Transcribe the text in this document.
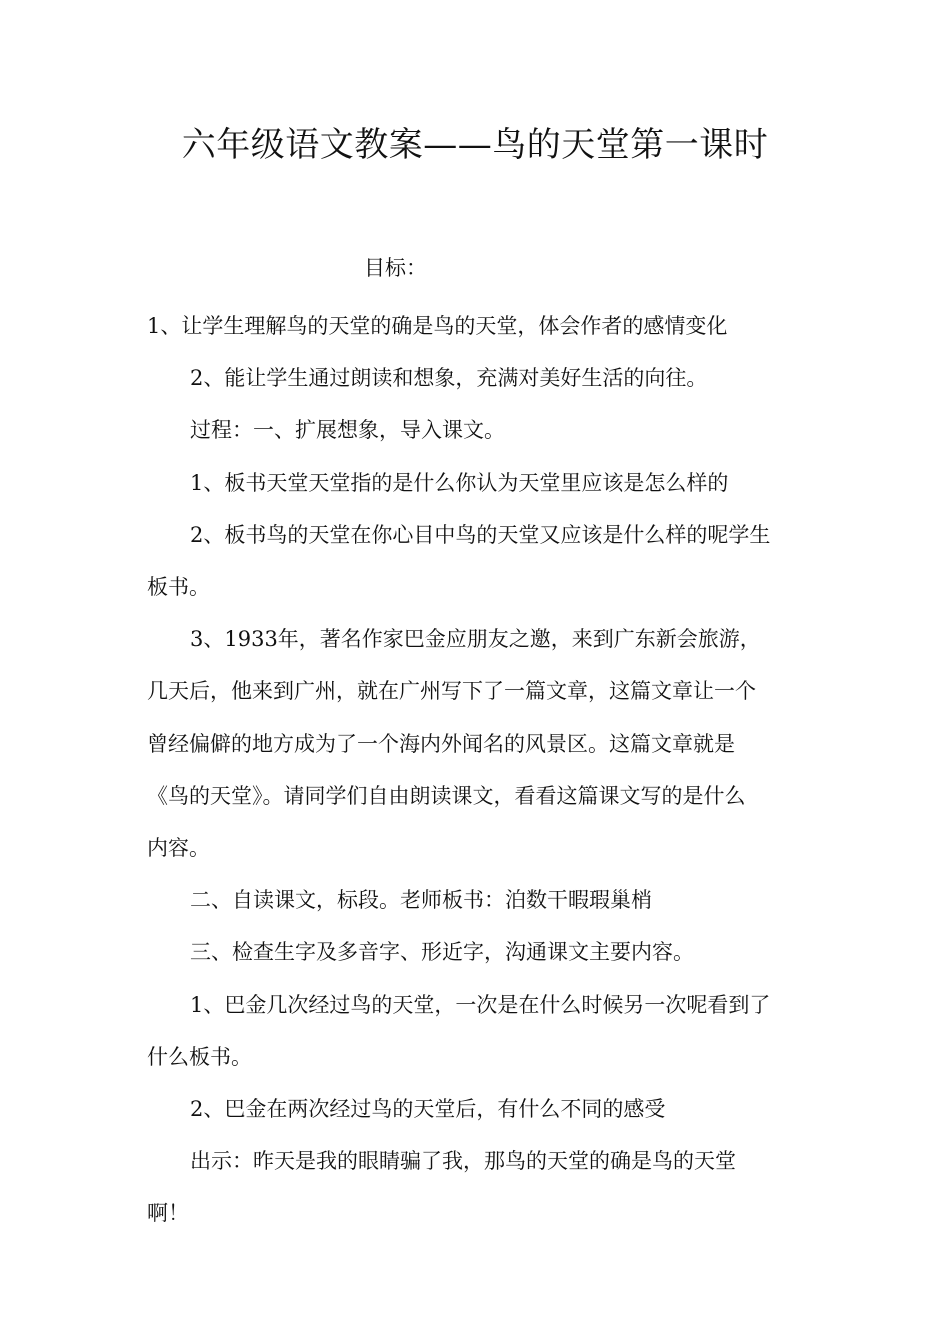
六年级语文教案——鸟的天堂第一课时
目标：

1、让学生理解鸟的天堂的确是鸟的天堂，体会作者的感情变化

2、能让学生通过朗读和想象，充满对美好生活的向往。

过程：一、扩展想象，导入课文。

1、板书天堂天堂指的是什么你认为天堂里应该是怎么样的

2、板书鸟的天堂在你心目中鸟的天堂又应该是什么样的呢学生

板书。

3、1933年，著名作家巴金应朋友之邀，来到广东新会旅游，

几天后，他来到广州，就在广州写下了一篇文章，这篇文章让一个

曾经偏僻的地方成为了一个海内外闻名的风景区。这篇文章就是

《鸟的天堂》。请同学们自由朗读课文，看看这篇课文写的是什么

内容。

二、自读课文，标段。老师板书：泊数干暇瑕巢梢

三、检查生字及多音字、形近字，沟通课文主要内容。

1、巴金几次经过鸟的天堂，一次是在什么时候另一次呢看到了

什么板书。

2、巴金在两次经过鸟的天堂后，有什么不同的感受

出示：昨天是我的眼睛骗了我，那鸟的天堂的确是鸟的天堂

啊！
